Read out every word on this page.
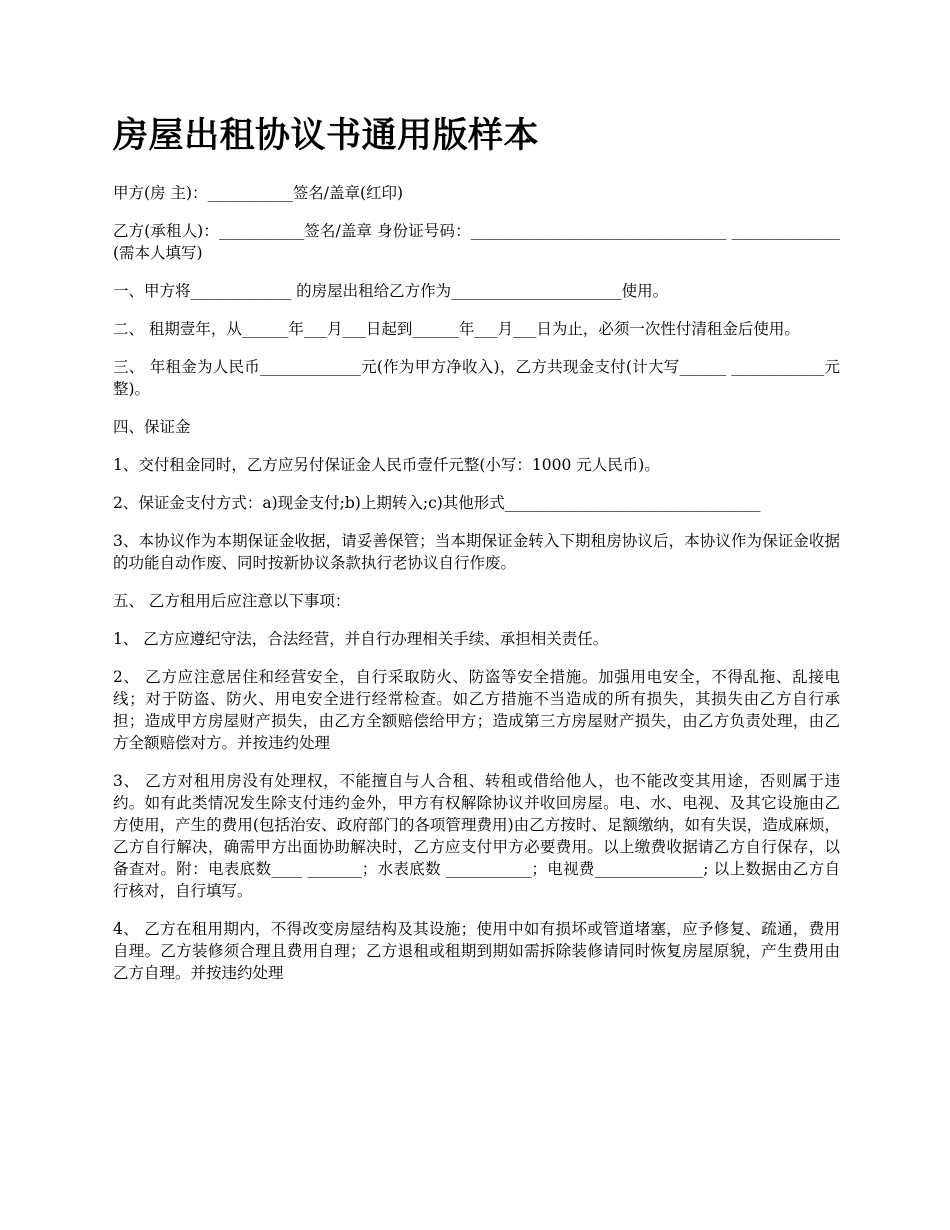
房屋出租协议书通用版样本

甲方(房 主)：___________签名/盖章(红印)

乙方(承租人)：___________签名/盖章 身份证号码：_________________________________ ______________(需本人填写)

一、甲方将_____________ 的房屋出租给乙方作为______________________使用。

二、 租期壹年，从______年___月___日起到______年___月___日为止，必须一次性付清租金后使用。

三、 年租金为人民币_____________元(作为甲方净收入)，乙方共现金支付(计大写______ ____________元整)。

四、保证金

1、交付租金同时，乙方应另付保证金人民币壹仟元整(小写：1000 元人民币)。

2、保证金支付方式：a)现金支付;b)上期转入;c)其他形式_________________________________

3、本协议作为本期保证金收据，请妥善保管；当本期保证金转入下期租房协议后，本协议作为保证金收据的功能自动作废、同时按新协议条款执行老协议自行作废。

五、 乙方租用后应注意以下事项：

1、 乙方应遵纪守法，合法经营，并自行办理相关手续、承担相关责任。

2、 乙方应注意居住和经营安全，自行采取防火、防盗等安全措施。加强用电安全，不得乱拖、乱接电线；对于防盗、防火、用电安全进行经常检查。如乙方措施不当造成的所有损失，其损失由乙方自行承担；造成甲方房屋财产损失，由乙方全额赔偿给甲方；造成第三方房屋财产损失，由乙方负责处理，由乙方全额赔偿对方。并按违约处理

3、 乙方对租用房没有处理权，不能擅自与人合租、转租或借给他人，也不能改变其用途，否则属于违约。如有此类情况发生除支付违约金外，甲方有权解除协议并收回房屋。电、水、电视、及其它设施由乙方使用，产生的费用(包括治安、政府部门的各项管理费用)由乙方按时、足额缴纳，如有失误，造成麻烦，乙方自行解决，确需甲方出面协助解决时，乙方应支付甲方必要费用。以上缴费收据请乙方自行保存，以备查对。附：电表底数____ _______；水表底数 ___________；电视费______________; 以上数据由乙方自行核对，自行填写。

4、 乙方在租用期内，不得改变房屋结构及其设施；使用中如有损坏或管道堵塞，应予修复、疏通，费用自理。乙方装修须合理且费用自理；乙方退租或租期到期如需拆除装修请同时恢复房屋原貌，产生费用由乙方自理。并按违约处理
